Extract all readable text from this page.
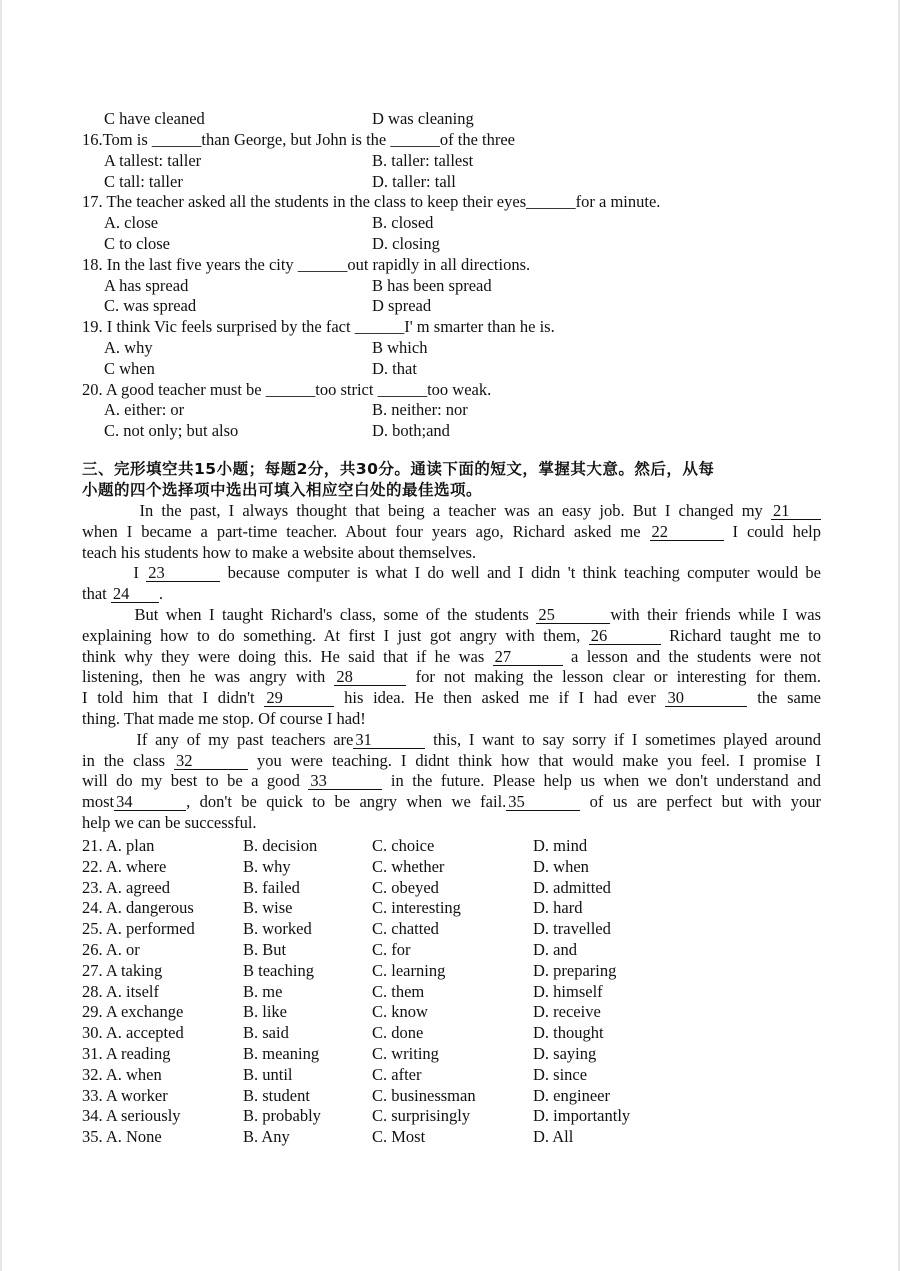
C have cleaned	D was cleaning
16.Tom is ______than George, but John is the ______of the three
A tallest: taller	B. taller: tallest
C tall: taller	D. taller: tall
17. The teacher asked all the students in the class to keep their eyes______for a minute.
A. close	B. closed
C to close	D. closing
18. In the last five years the city ______out rapidly in all directions.
A has spread	B has been spread
C. was spread	D spread
19. I think Vic feels surprised by the fact ______I' m smarter than he is.
A. why	B which
C when	D. that
20. A good teacher must be ______too strict ______too weak.
A. either: or	B. neither: nor
C. not only; but also	D. both;and
三、完形填空共15小题；每题2分，共30分。通读下面的短文，掌握其大意。然后，从每
小题的四个选择项中选出可填入相应空白处的最佳选项。
In the past, I always thought that being a teacher was an easy job. But I changed my 21
when I became a part-time teacher. About four years ago, Richard asked me 22	I could help
teach his students how to make a website about themselves.
I 23	because computer is what I do well and I didn 't think teaching computer would be
that 24 .
But when I taught Richard's class, some of the students 25	with their friends while I was
explaining how to do something. At first I just got angry with them, 26	Richard taught me to
think why they were doing this. He said that if he was 27	a lesson and the students were not
listening, then he was angry with 28	for not making the lesson clear or interesting for them.
I told him that I didn't 29	his idea. He then asked me if I had ever 30	the same
thing. That made me stop. Of course I had!
If any of my past teachers are 31	this, I want to say sorry if I sometimes played around
in the class 32	you were teaching. I didnt think how that would make you feel. I promise I
will do my best to be a good 33	in the future. Please help us when we don't understand and
most 34	, don't be quick to be angry when we fail. 35	of us are perfect but with your
help we can be successful.
21. A. plan	B. decision	C. choice	D. mind
22. A. where	B. why	C. whether	D. when
23. A. agreed	B. failed	C. obeyed	D. admitted
24. A. dangerous	B. wise	C. interesting	D. hard
25. A. performed	B. worked	C. chatted	D. travelled
26. A. or	B. But	C. for	D. and
27. A taking	B teaching	C. learning	D. preparing
28. A. itself	B. me	C. them	D. himself
29. A exchange	B. like	C. know	D. receive
30. A. accepted	B. said	C. done	D. thought
31. A reading	B. meaning	C. writing	D. saying
32. A. when	B. until	C. after	D. since
33. A worker	B. student	C. businessman	D. engineer
34. A seriously	B. probably	C. surprisingly	D. importantly
35. A. None	B. Any	C. Most	D. All
